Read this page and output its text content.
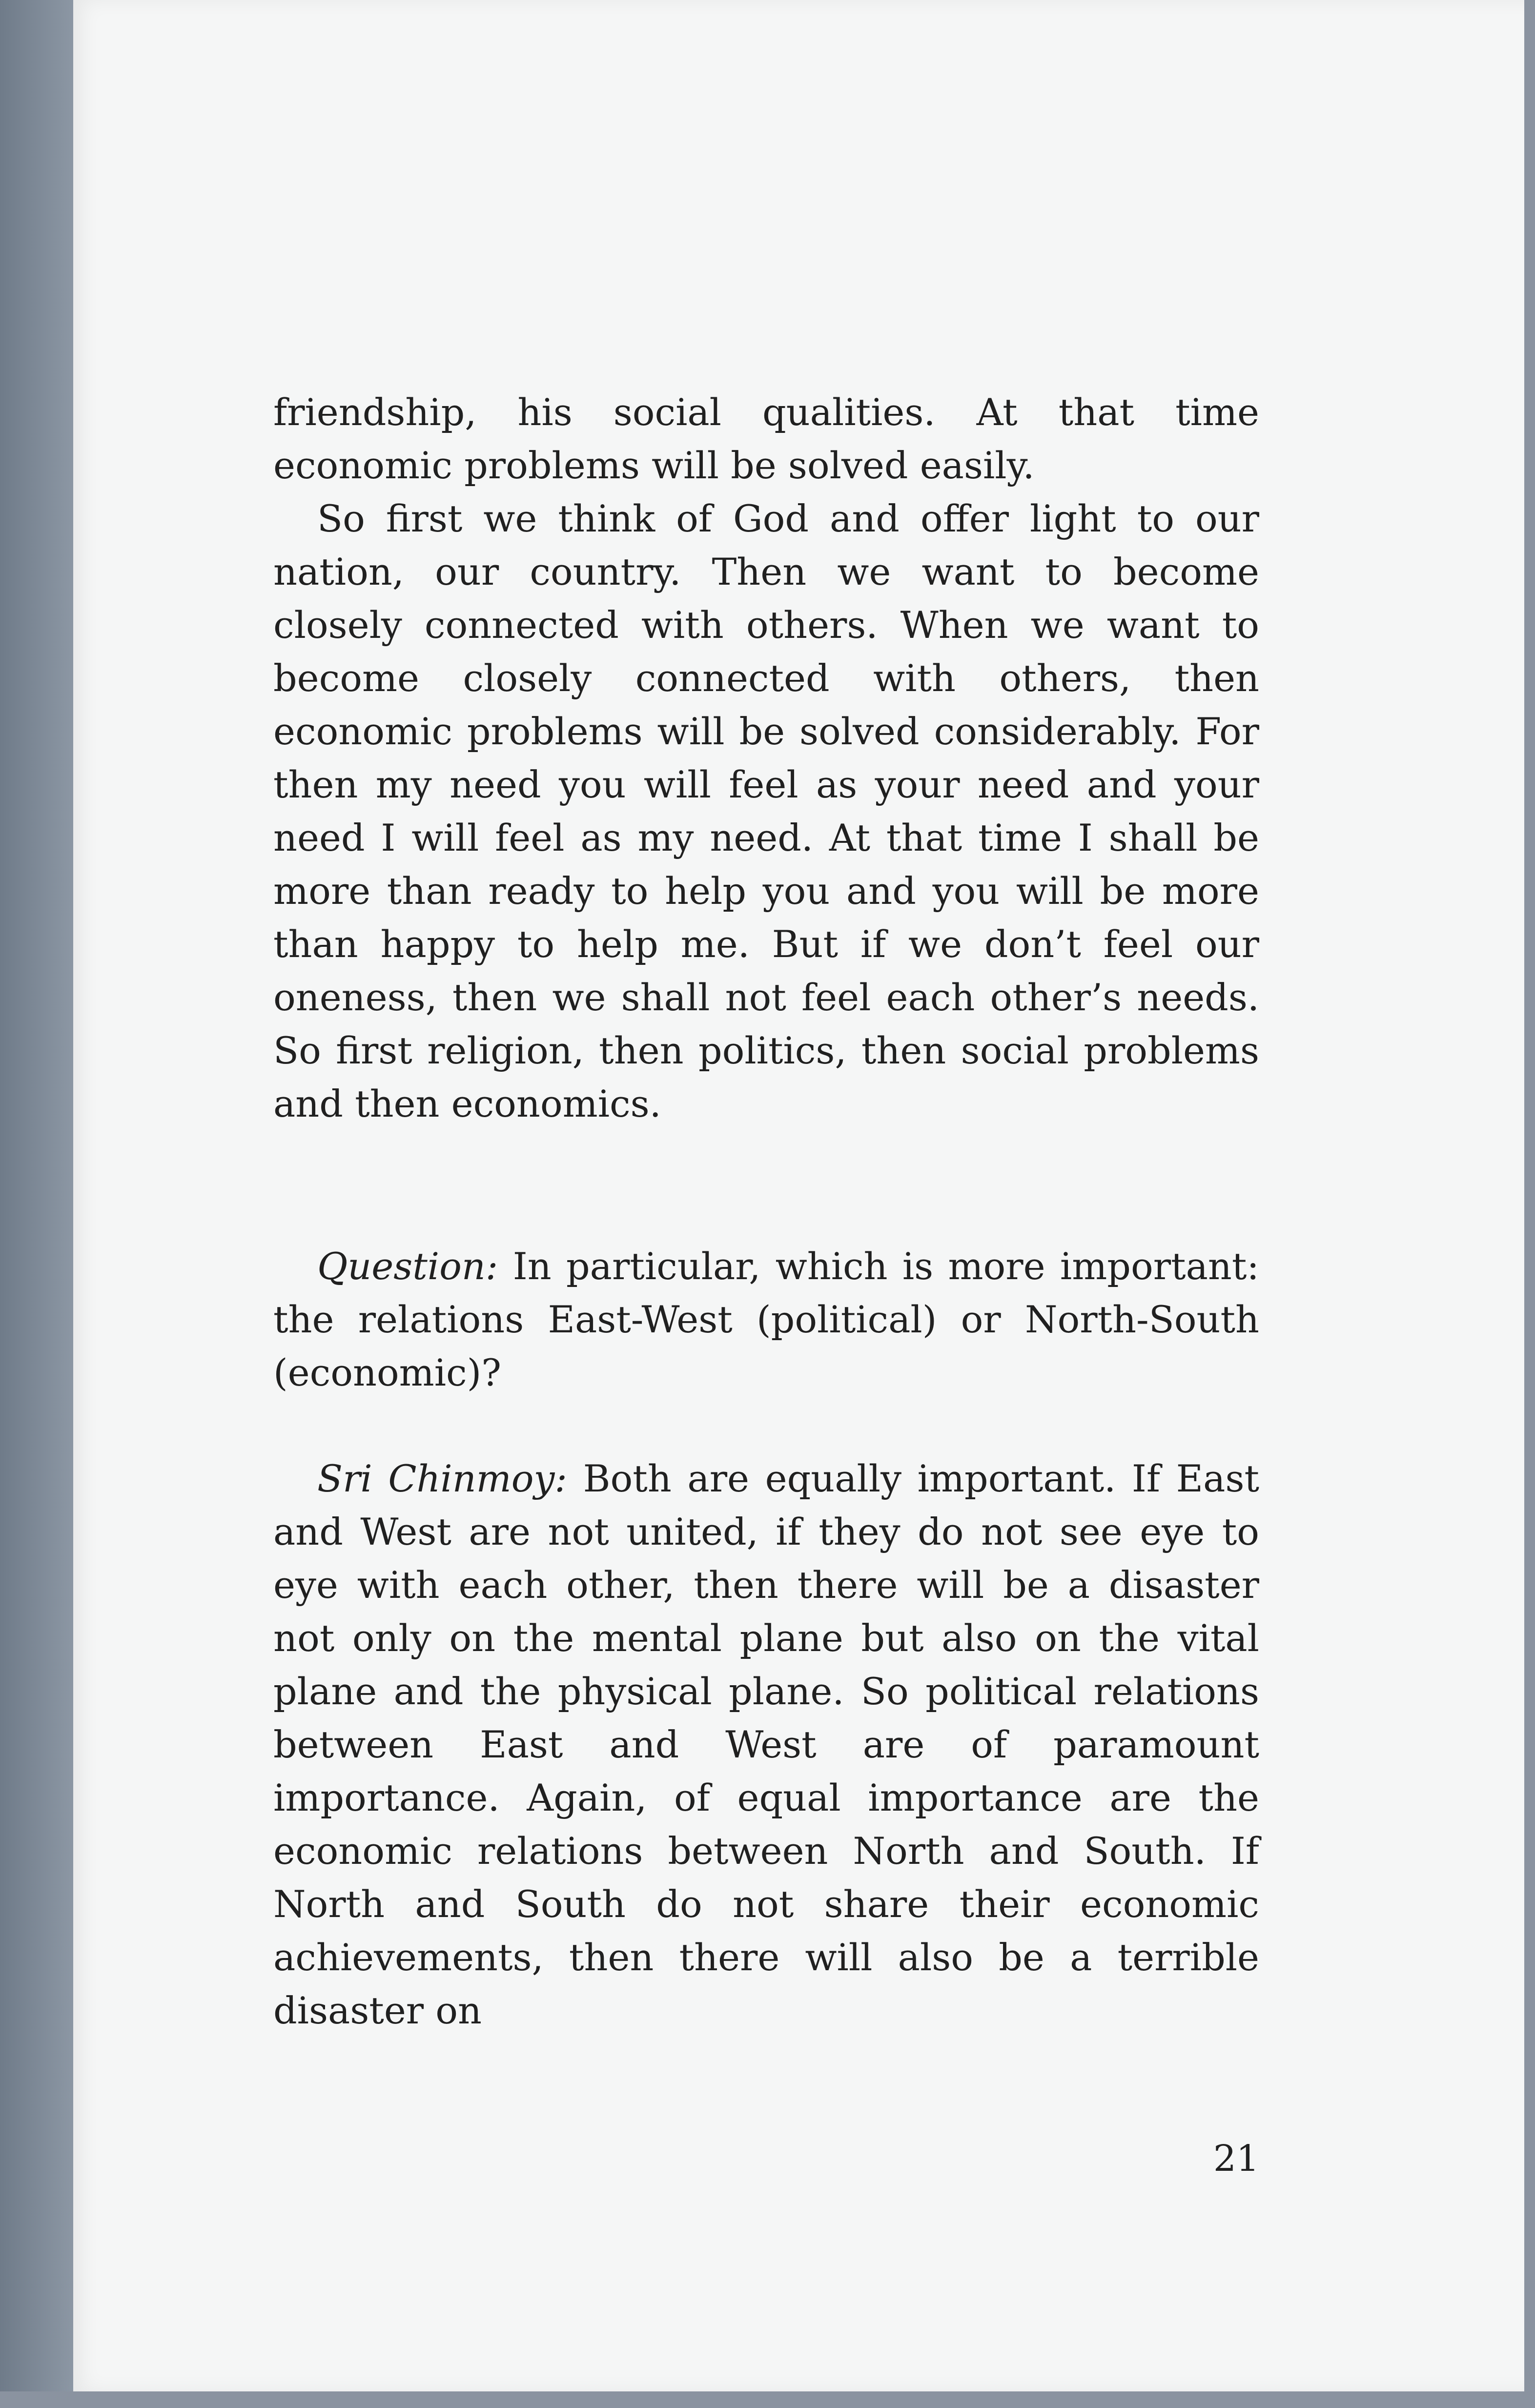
friendship, his social qualities. At that time economic problems will be solved easily.

So first we think of God and offer light to our nation, our country. Then we want to become closely connected with others. When we want to become closely connected with others, then economic problems will be solved considerably. For then my need you will feel as your need and your need I will feel as my need. At that time I shall be more than ready to help you and you will be more than happy to help me. But if we don’t feel our oneness, then we shall not feel each other’s needs. So first religion, then politics, then social problems and then economics.

Question: In particular, which is more important: the relations East-West (political) or North-South (economic)?

Sri Chinmoy: Both are equally important. If East and West are not united, if they do not see eye to eye with each other, then there will be a disaster not only on the mental plane but also on the vital plane and the physical plane. So political relations between East and West are of paramount importance. Again, of equal importance are the economic relations between North and South. If North and South do not share their economic achievements, then there will also be a terrible disaster on

21
